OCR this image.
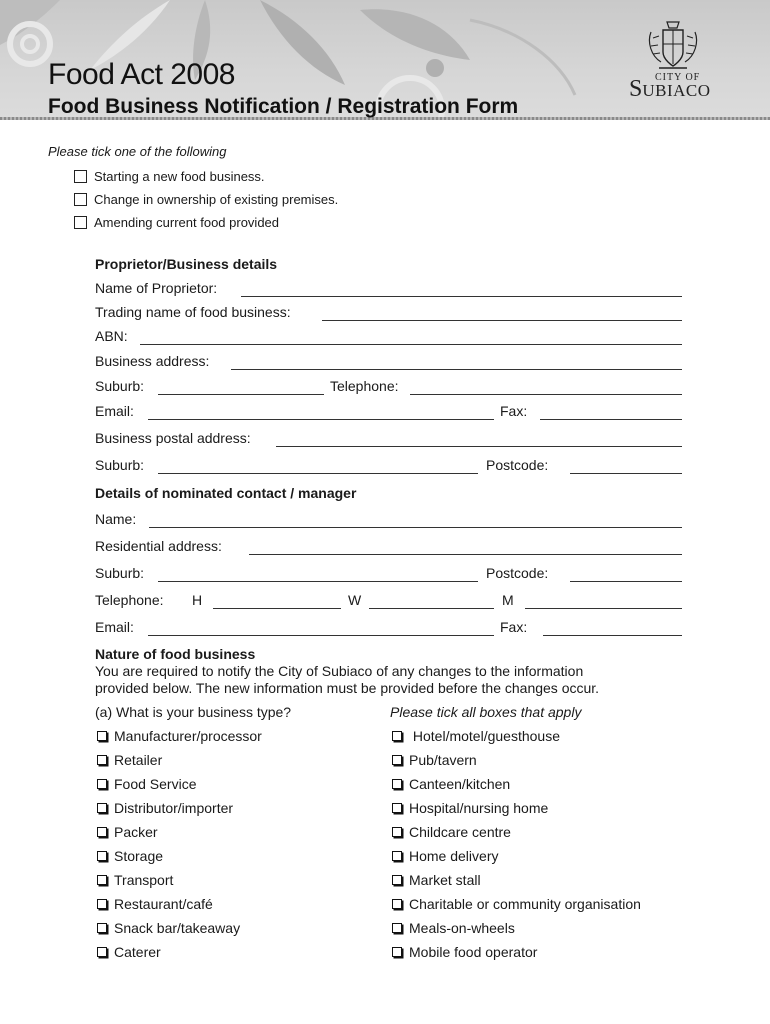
Food Act 2008
Food Business Notification / Registration Form
CITY OF
SUBIACO
Please tick one of the following
Starting a new food business.
Change in ownership of existing premises.
Amending current food provided
Proprietor/Business details
Name of Proprietor:
Trading name of food business:
ABN:
Business address:
Suburb:	Telephone:
Email:	Fax:
Business postal address:
Suburb:	Postcode:
Details of nominated contact / manager
Name:
Residential address:
Suburb:	Postcode:
Telephone: H	W	M
Email:	Fax:
Nature of food business
You are required to notify the City of Subiaco of any changes to the information
provided below. The new information must be provided before the changes occur.
(a) What is your business type?	Please tick all boxes that apply
Manufacturer/processor
Retailer
Food Service
Distributor/importer
Packer
Storage
Transport
Restaurant/café
Snack bar/takeaway
Caterer
Hotel/motel/guesthouse
Pub/tavern
Canteen/kitchen
Hospital/nursing home
Childcare centre
Home delivery
Market stall
Charitable or community organisation
Meals-on-wheels
Mobile food operator
